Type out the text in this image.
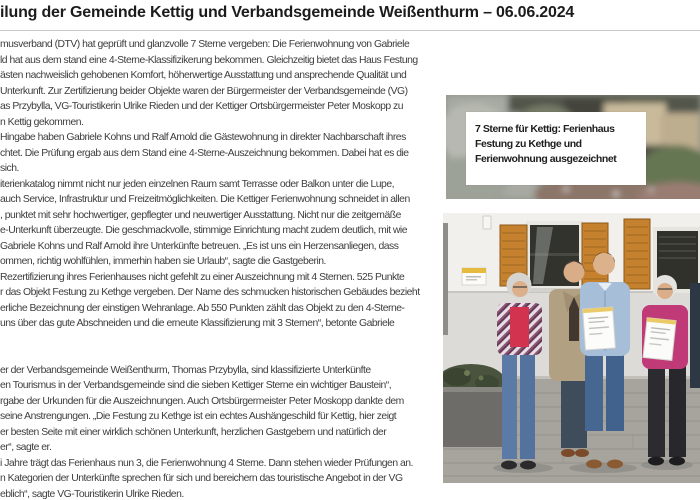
ilung der Gemeinde Kettig und Verbandsgemeinde Weißenthurm – 06.06.2024
musverband (DTV) hat geprüft und glanzvolle 7 Sterne vergeben: Die Ferienwohnung von Gabriele
ld hat aus dem stand eine 4-Sterne-Klassifizikerung bekommen. Gleichzeitig bietet das Haus Festung
ästen nachweislich gehobenen Komfort, höherwertige Ausstattung und ansprechende Qualität und
Unterkunft. Zur Zertifizierung beider Objekte waren der Bürgermeister der Verbandsgemeinde (VG)
as Przybylla, VG-Touristikerin Ulrike Rieden und der Kettiger Ortsbürgermeister Peter Moskopp zu
n Kettig gekommen.
Hingabe haben Gabriele Kohns und Ralf Arnold die Gästewohnung in direkter Nachbarschaft ihres
chtet. Die Prüfung ergab aus dem Stand eine 4-Sterne-Auszeichnung bekommen. Dabei hat es die
sich.
iterienkatalog nimmt nicht nur jeden einzelnen Raum samt Terrasse oder Balkon unter die Lupe,
auch Service, Infrastruktur und Freizeitmöglichkeiten. Die Kettiger Ferienwohnung schneidet in allen
, punktet mit sehr hochwertiger, gepflegter und neuwertiger Ausstattung. Nicht nur die zeitgemäße
e-Unterkunft überzeugte. Die geschmackvolle, stimmige Einrichtung macht zudem deutlich, mit wie
Gabriele Kohns und Ralf Arnold ihre Unterkünfte betreuen. „Es ist uns ein Herzensanliegen, dass
ommen, richtig wohlfühlen, immerhin haben sie Urlaub“, sagte die Gastgeberin.
Rezertifizierung ihres Ferienhauses nicht gefehlt zu einer Auszeichnung mit 4 Sternen. 525 Punkte
r das Objekt Festung zu Kethge vergeben. Der Name des schmucken historischen Gebäudes bezieht
erliche Bezeichnung der einstigen Wehranlage. Ab 550 Punkten zählt das Objekt zu den 4-Sterne-
uns über das gute Abschneiden und die erneute Klassifizierung mit 3 Sternen“, betonte Gabriele
er der Verbandsgemeinde Weißenthurm, Thomas Przybylla, sind klassifizierte Unterkünfte
en Tourismus in der Verbandsgemeinde sind die sieben Kettiger Sterne ein wichtiger Baustein“,
rgabe der Urkunden für die Auszeichnungen. Auch Ortsbürgermeister Peter Moskopp dankte dem
seine Anstrengungen. „Die Festung zu Kethge ist ein echtes Aushängeschild für Kettig, hier zeigt
er besten Seite mit einer wirklich schönen Unterkunft, herzlichen Gastgebern und natürlich der
er“, sagte er.
i Jahre trägt das Ferienhaus nun 3, die Ferienwohnung 4 Sterne. Dann stehen wieder Prüfungen an.
n Kategorien der Unterkünfte sprechen für sich und bereichern das touristische Angebot in der VG
eblich“, sagte VG-Touristikerin Ulrike Rieden.
7 Sterne für Kettig: Ferienhaus
Festung zu Kethge und
Ferienwohnung ausgezeichnet
